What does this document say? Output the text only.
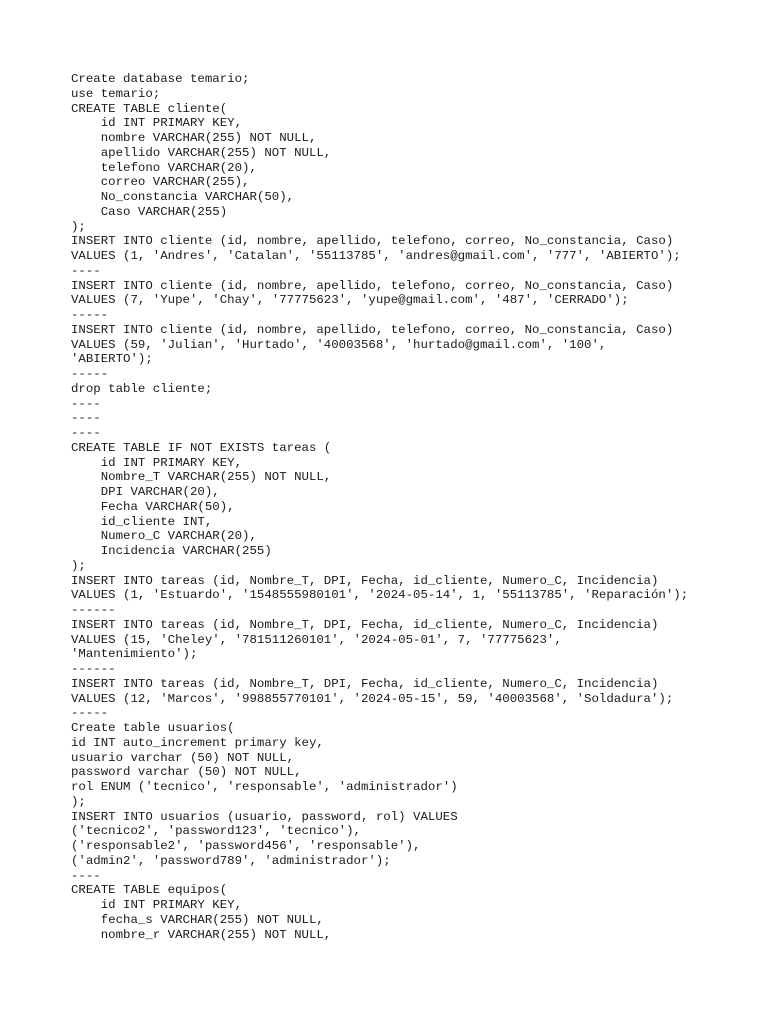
Create database temario;
use temario;
CREATE TABLE cliente(
id INT PRIMARY KEY,
nombre VARCHAR(255) NOT NULL,
apellido VARCHAR(255) NOT NULL,
telefono VARCHAR(20),
correo VARCHAR(255),
No_constancia VARCHAR(50),
Caso VARCHAR(255)
);
INSERT INTO cliente (id, nombre, apellido, telefono, correo, No_constancia, Caso)
VALUES (1, 'Andres', 'Catalan', '55113785', 'andres@gmail.com', '777', 'ABIERTO');
----
INSERT INTO cliente (id, nombre, apellido, telefono, correo, No_constancia, Caso)
VALUES (7, 'Yupe', 'Chay', '77775623', 'yupe@gmail.com', '487', 'CERRADO');
-----
INSERT INTO cliente (id, nombre, apellido, telefono, correo, No_constancia, Caso)
VALUES (59, 'Julian', 'Hurtado', '40003568', 'hurtado@gmail.com', '100',
'ABIERTO');
-----
drop table cliente;
----
----
----
CREATE TABLE IF NOT EXISTS tareas (
id INT PRIMARY KEY,
Nombre_T VARCHAR(255) NOT NULL,
DPI VARCHAR(20),
Fecha VARCHAR(50),
id_cliente INT,
Numero_C VARCHAR(20),
Incidencia VARCHAR(255)
);
INSERT INTO tareas (id, Nombre_T, DPI, Fecha, id_cliente, Numero_C, Incidencia)
VALUES (1, 'Estuardo', '1548555980101', '2024-05-14', 1, '55113785', 'Reparación');
------
INSERT INTO tareas (id, Nombre_T, DPI, Fecha, id_cliente, Numero_C, Incidencia)
VALUES (15, 'Cheley', '781511260101', '2024-05-01', 7, '77775623',
'Mantenimiento');
------
INSERT INTO tareas (id, Nombre_T, DPI, Fecha, id_cliente, Numero_C, Incidencia)
VALUES (12, 'Marcos', '998855770101', '2024-05-15', 59, '40003568', 'Soldadura');
-----
Create table usuarios(
id INT auto_increment primary key,
usuario varchar (50) NOT NULL,
password varchar (50) NOT NULL,
rol ENUM ('tecnico', 'responsable', 'administrador')
);
INSERT INTO usuarios (usuario, password, rol) VALUES
('tecnico2', 'password123', 'tecnico'),
('responsable2', 'password456', 'responsable'),
('admin2', 'password789', 'administrador');
----
CREATE TABLE equipos(
id INT PRIMARY KEY,
fecha_s VARCHAR(255) NOT NULL,
nombre_r VARCHAR(255) NOT NULL,
